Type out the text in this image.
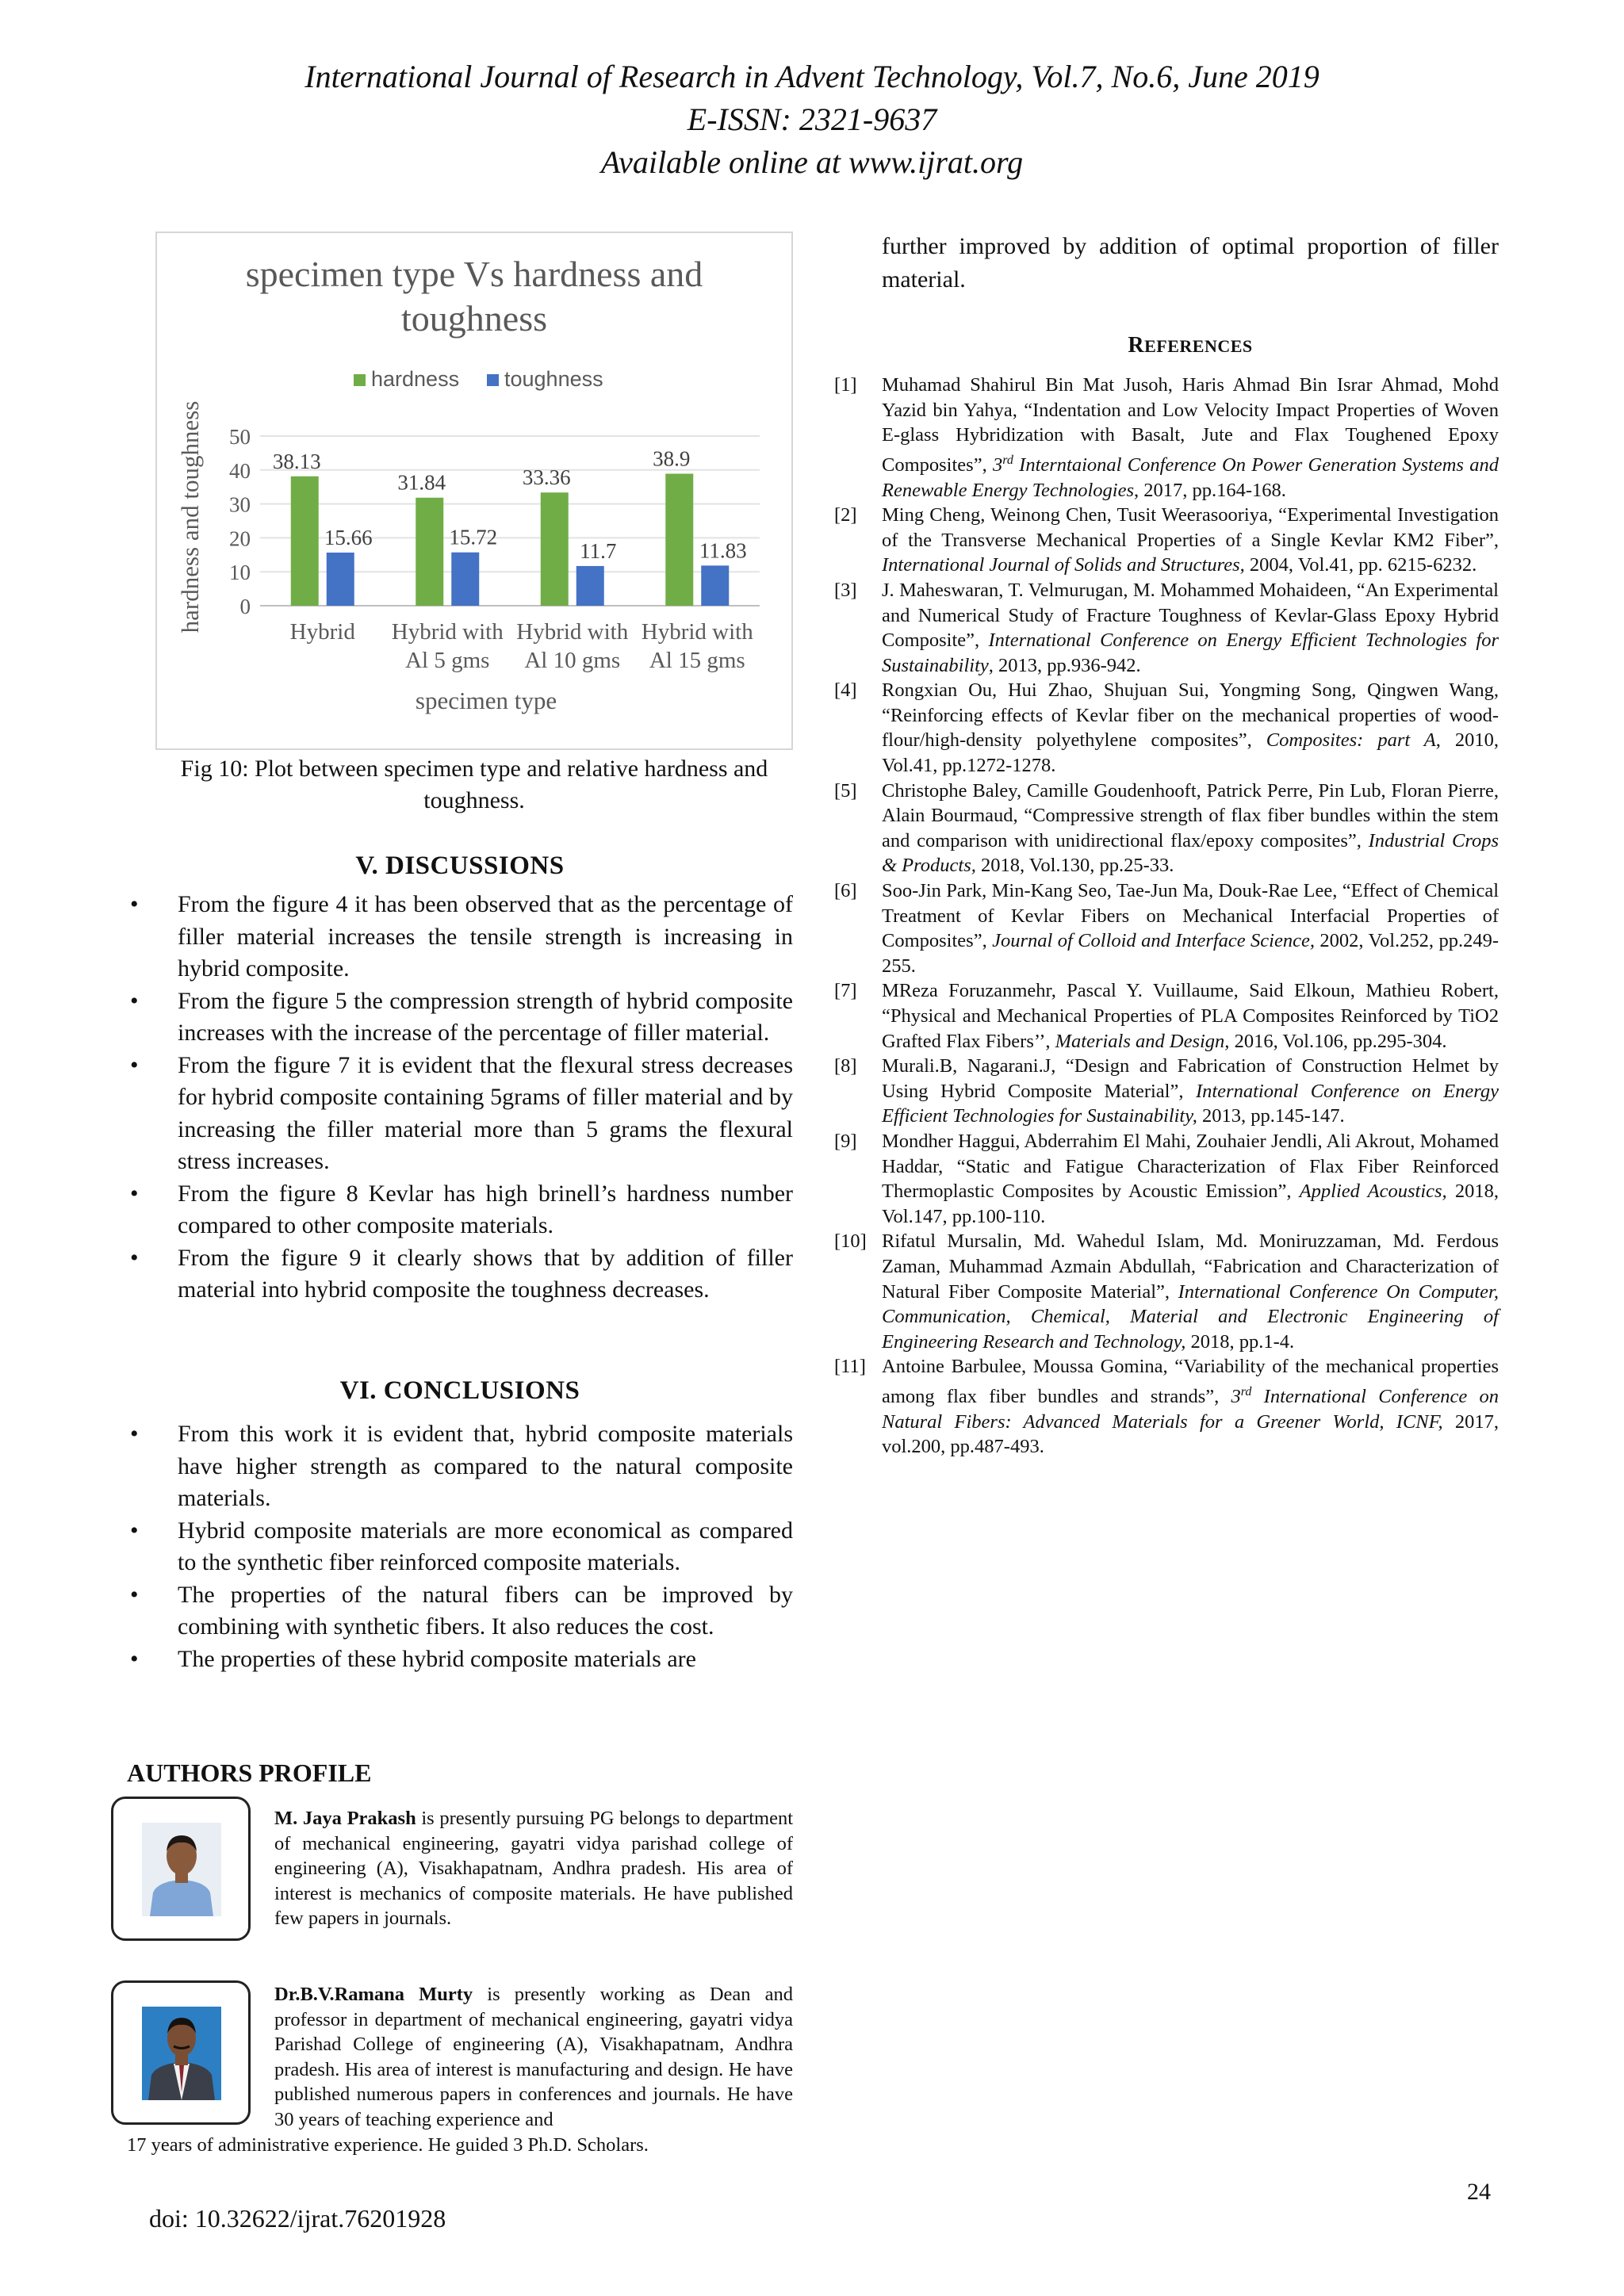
International Journal of Research in Advent Technology, Vol.7, No.6, June 2019
E-ISSN: 2321-9637
Available online at www.ijrat.org
specimen type Vs hardness and
toughness
0
10
20
30
40
50
38.13
15.66
Hybrid
31.84
15.72
Hybrid with
Al 5 gms
33.36
11.7
Hybrid with
Al 10 gms
38.9
11.83
Hybrid with
Al 15 gms
hardness toughness
specimen type
hardness and toughness
Fig 10: Plot between specimen type and relative hardness and toughness.
V. DISCUSSIONS
• From the figure 4 it has been observed that as the percentage of filler material increases the tensile strength is increasing in hybrid composite.
• From the figure 5 the compression strength of hybrid composite increases with the increase of the percentage of filler material.
• From the figure 7 it is evident that the flexural stress decreases for hybrid composite containing 5grams of filler material and by increasing the filler material more than 5 grams the flexural stress increases.
• From the figure 8 Kevlar has high brinell’s hardness number compared to other composite materials.
• From the figure 9 it clearly shows that by addition of filler material into hybrid composite the toughness decreases.
VI. CONCLUSIONS
• From this work it is evident that, hybrid composite materials have higher strength as compared to the natural composite materials.
• Hybrid composite materials are more economical as compared to the synthetic fiber reinforced composite materials.
• The properties of the natural fibers can be improved by combining with synthetic fibers. It also reduces the cost.
• The properties of these hybrid composite materials are
further improved by addition of optimal proportion of filler material.
REFERENCES
[1] Muhamad Shahirul Bin Mat Jusoh, Haris Ahmad Bin Israr Ahmad, Mohd Yazid bin Yahya, “Indentation and Low Velocity Impact Properties of Woven E-glass Hybridization with Basalt, Jute and Flax Toughened Epoxy Composites”, 3rd Interntaional Conference On Power Generation Systems and Renewable Energy Technologies, 2017, pp.164-168.
[2] Ming Cheng, Weinong Chen, Tusit Weerasooriya, “Experimental Investigation of the Transverse Mechanical Properties of a Single Kevlar KM2 Fiber”, International Journal of Solids and Structures, 2004, Vol.41, pp. 6215-6232.
[3] J. Maheswaran, T. Velmurugan, M. Mohammed Mohaideen, “An Experimental and Numerical Study of Fracture Toughness of Kevlar-Glass Epoxy Hybrid Composite”, International Conference on Energy Efficient Technologies for Sustainability, 2013, pp.936-942.
[4] Rongxian Ou, Hui Zhao, Shujuan Sui, Yongming Song, Qingwen Wang, “Reinforcing effects of Kevlar fiber on the mechanical properties of wood-flour/high-density polyethylene composites”, Composites: part A, 2010, Vol.41, pp.1272-1278.
[5] Christophe Baley, Camille Goudenhooft, Patrick Perre, Pin Lub, Floran Pierre, Alain Bourmaud, “Compressive strength of flax fiber bundles within the stem and comparison with unidirectional flax/epoxy composites”, Industrial Crops & Products, 2018, Vol.130, pp.25-33.
[6] Soo-Jin Park, Min-Kang Seo, Tae-Jun Ma, Douk-Rae Lee, “Effect of Chemical Treatment of Kevlar Fibers on Mechanical Interfacial Properties of Composites”, Journal of Colloid and Interface Science, 2002, Vol.252, pp.249-255.
[7] MReza Foruzanmehr, Pascal Y. Vuillaume, Said Elkoun, Mathieu Robert, “Physical and Mechanical Properties of PLA Composites Reinforced by TiO2 Grafted Flax Fibers’’, Materials and Design, 2016, Vol.106, pp.295-304.
[8] Murali.B, Nagarani.J, “Design and Fabrication of Construction Helmet by Using Hybrid Composite Material”, International Conference on Energy Efficient Technologies for Sustainability, 2013, pp.145-147.
[9] Mondher Haggui, Abderrahim El Mahi, Zouhaier Jendli, Ali Akrout, Mohamed Haddar, “Static and Fatigue Characterization of Flax Fiber Reinforced Thermoplastic Composites by Acoustic Emission”, Applied Acoustics, 2018, Vol.147, pp.100-110.
[10] Rifatul Mursalin, Md. Wahedul Islam, Md. Moniruzzaman, Md. Ferdous Zaman, Muhammad Azmain Abdullah, “Fabrication and Characterization of Natural Fiber Composite Material”, International Conference On Computer, Communication, Chemical, Material and Electronic Engineering of Engineering Research and Technology, 2018, pp.1-4.
[11] Antoine Barbulee, Moussa Gomina, “Variability of the mechanical properties among flax fiber bundles and strands”, 3rd International Conference on Natural Fibers: Advanced Materials for a Greener World, ICNF, 2017, vol.200, pp.487-493.
AUTHORS PROFILE
M. Jaya Prakash is presently pursuing PG belongs to department of mechanical engineering, gayatri vidya parishad college of engineering (A), Visakhapatnam, Andhra pradesh. His area of interest is mechanics of composite materials. He have published few papers in journals.
Dr.B.V.Ramana Murty is presently working as Dean and professor in department of mechanical engineering, gayatri vidya Parishad College of engineering (A), Visakhapatnam, Andhra pradesh. His area of interest is manufacturing and design. He have published numerous papers in conferences and journals. He have 30 years of teaching experience and
17 years of administrative experience. He guided 3 Ph.D. Scholars.
24
doi: 10.32622/ijrat.76201928
